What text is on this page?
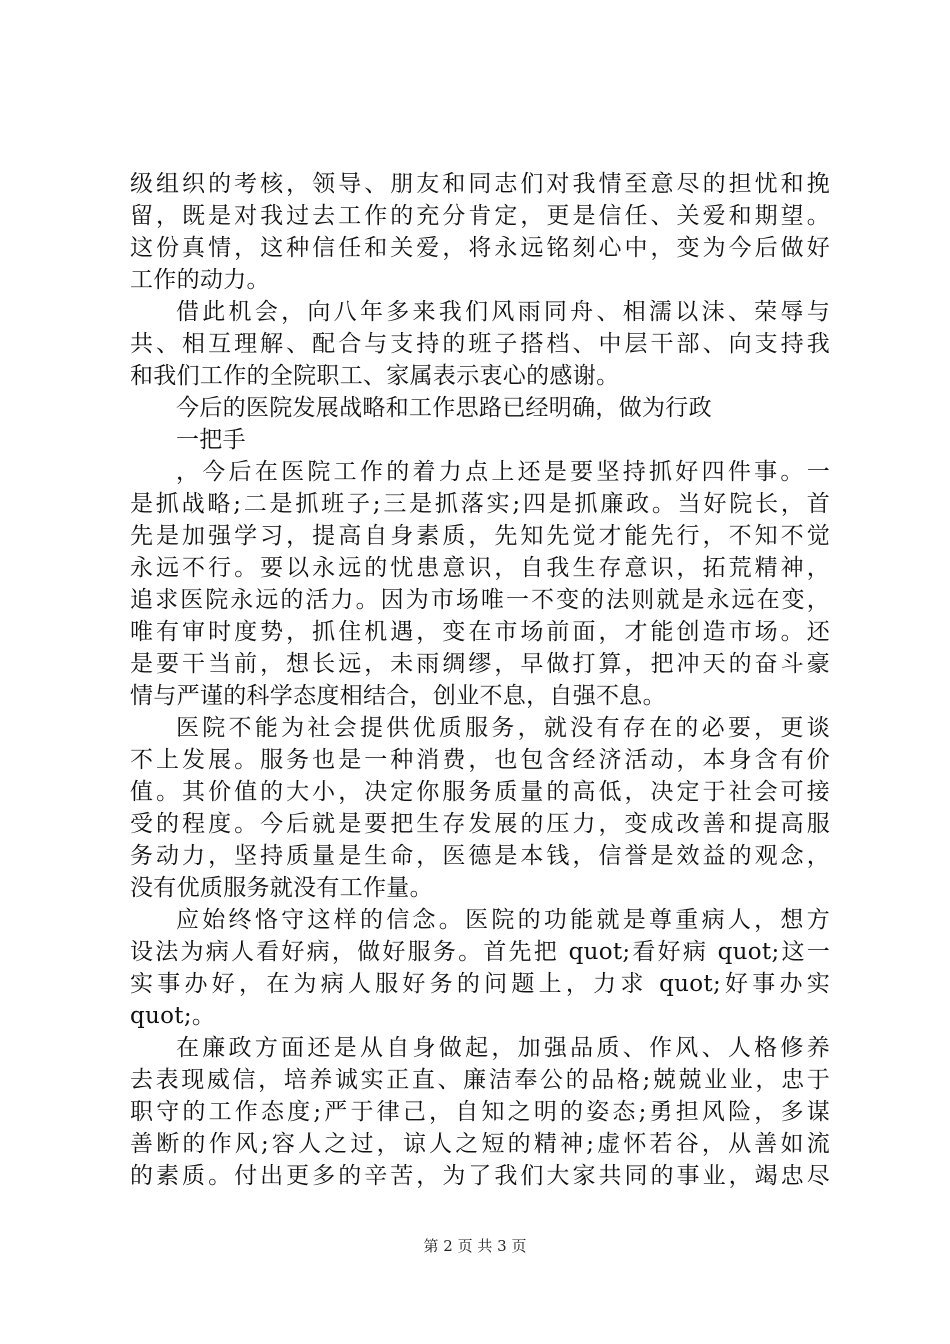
级组织的考核，领导、朋友和同志们对我情至意尽的担忧和挽
留，既是对我过去工作的充分肯定，更是信任、关爱和期望。
这份真情，这种信任和关爱，将永远铭刻心中，变为今后做好
工作的动力。
借此机会，向八年多来我们风雨同舟、相濡以沫、荣辱与
共、相互理解、配合与支持的班子搭档、中层干部、向支持我
和我们工作的全院职工、家属表示衷心的感谢。
今后的医院发展战略和工作思路已经明确，做为行政
一把手
，今后在医院工作的着力点上还是要坚持抓好四件事。一
是抓战略;二是抓班子;三是抓落实;四是抓廉政。当好院长，首
先是加强学习，提高自身素质，先知先觉才能先行，不知不觉
永远不行。要以永远的忧患意识，自我生存意识，拓荒精神，
追求医院永远的活力。因为市场唯一不变的法则就是永远在变，
唯有审时度势，抓住机遇，变在市场前面，才能创造市场。还
是要干当前，想长远，未雨绸缪，早做打算，把冲天的奋斗豪
情与严谨的科学态度相结合，创业不息，自强不息。
医院不能为社会提供优质服务，就没有存在的必要，更谈
不上发展。服务也是一种消费，也包含经济活动，本身含有价
值。其价值的大小，决定你服务质量的高低，决定于社会可接
受的程度。今后就是要把生存发展的压力，变成改善和提高服
务动力，坚持质量是生命，医德是本钱，信誉是效益的观念，
没有优质服务就没有工作量。
应始终恪守这样的信念。医院的功能就是尊重病人，想方
设法为病人看好病，做好服务。首先把 quot;看好病 quot;这一
实事办好，在为病人服好务的问题上，力求 quot;好事办实
quot;。
在廉政方面还是从自身做起，加强品质、作风、人格修养
去表现威信，培养诚实正直、廉洁奉公的品格;兢兢业业，忠于
职守的工作态度;严于律己，自知之明的姿态;勇担风险，多谋
善断的作风;容人之过，谅人之短的精神;虚怀若谷，从善如流
的素质。付出更多的辛苦，为了我们大家共同的事业，竭忠尽
第 2 页 共 3 页
